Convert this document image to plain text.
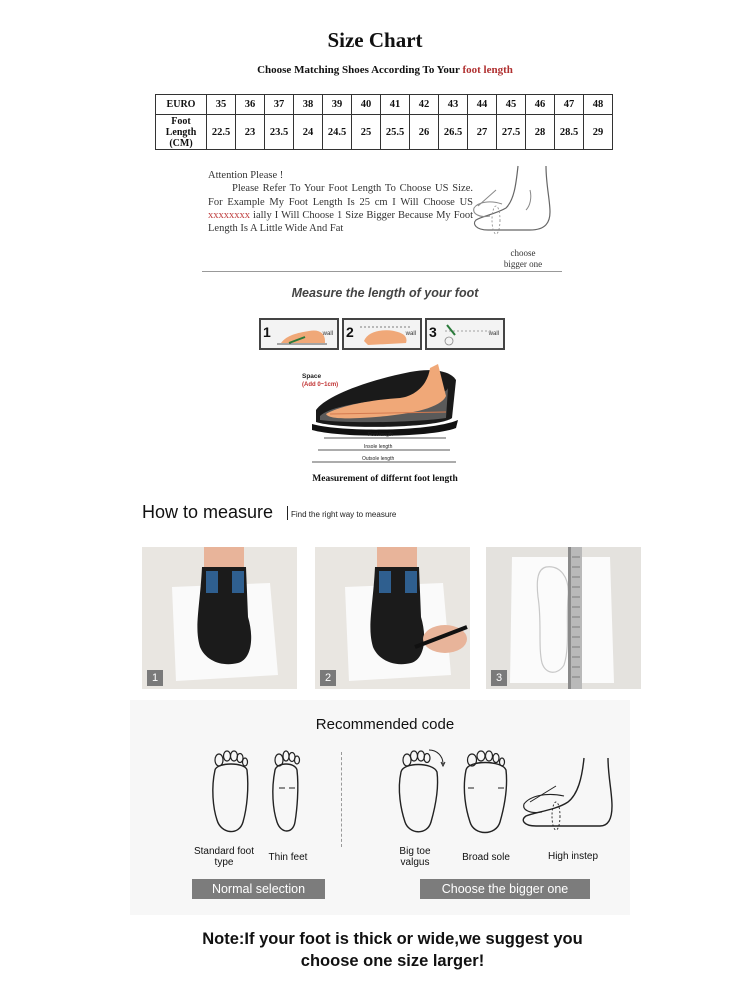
Size Chart
Choose Matching Shoes According To Your foot length
EURO	35	36	37	38	39	40	41	42	43	44	45	46	47	48
Foot
Length
(CM)	22.5	23	23.5	24	24.5	25	25.5	26	26.5	27	27.5	28	28.5	29
Attention Please !
Please Refer To Your Foot Length To Choose US Size. For Example My Foot Length Is 25 cm I Will Choose US xxxxxxxx ially I Will Choose 1 Size Bigger Because My Foot Length Is A Little Wide And Fat
choose
bigger one
Measure the length of your foot
1	wall 2	wall 3	wall
Space
(Add 0~1cm)
Foot length
Insole length
Outsole length
Measurement of differnt foot length
How to measure Find the right way to measure
1	2	3
Recommended code
Standard foot type	Thin feet
Big toe valgus	Broad sole	High instep
Normal selection	Choose the bigger one
Note:If your foot is thick or wide,we suggest you
choose one size larger!
